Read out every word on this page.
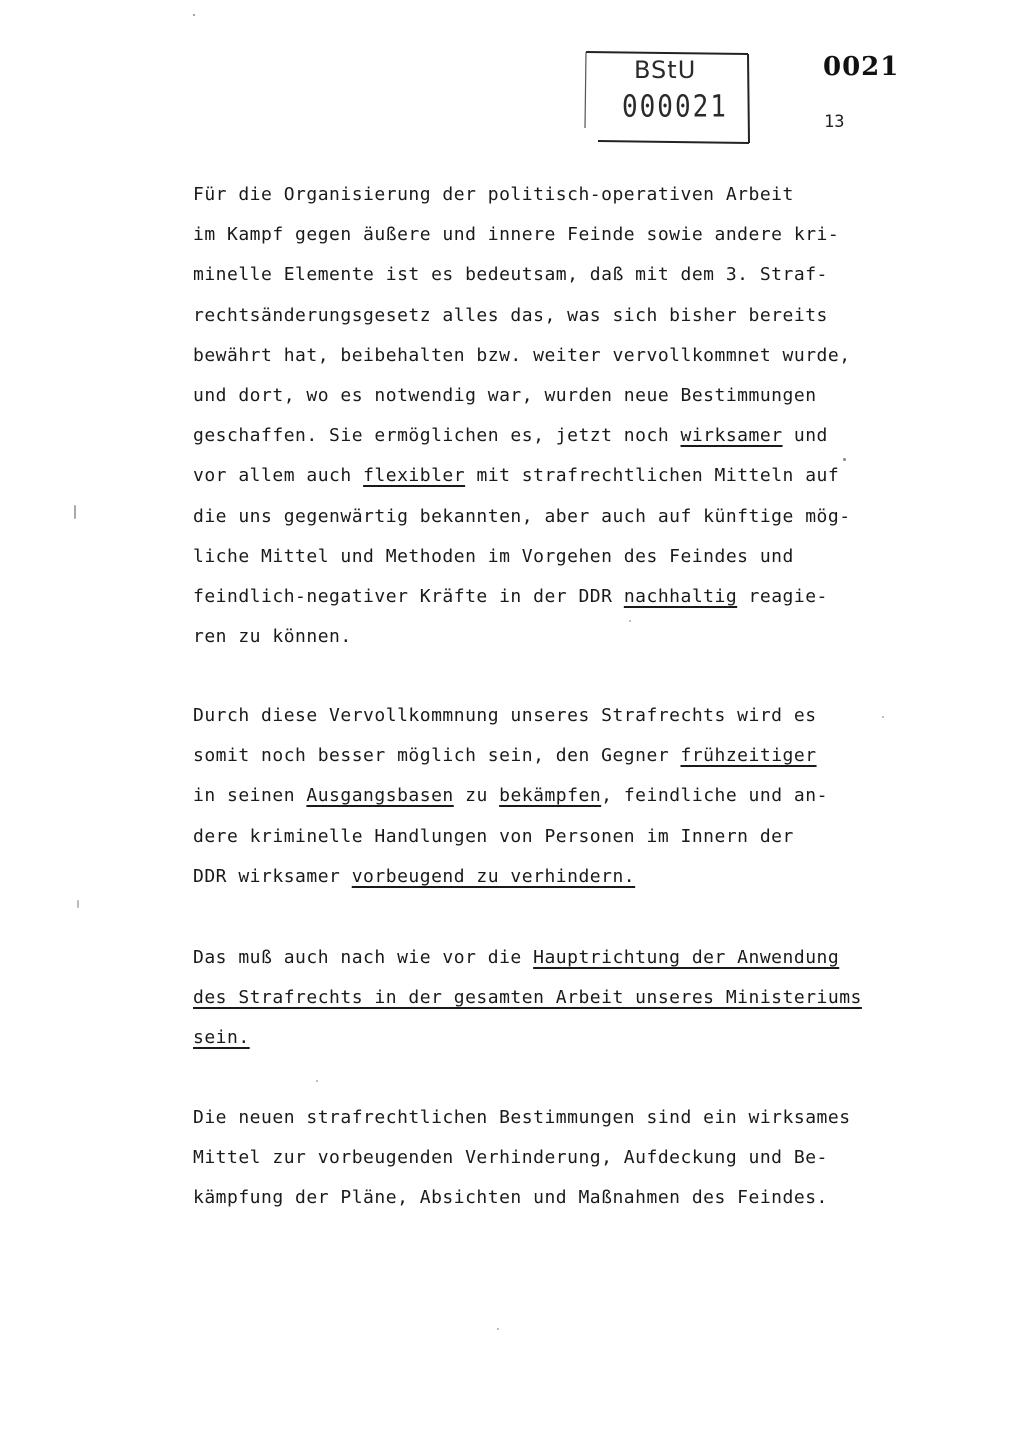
BStU
000021
0021
13
Für die Organisierung der politisch-operativen Arbeit
im Kampf gegen äußere und innere Feinde sowie andere kri-
minelle Elemente ist es bedeutsam, daß mit dem 3. Straf-
rechtsänderungsgesetz alles das, was sich bisher bereits
bewährt hat, beibehalten bzw. weiter vervollkommnet wurde,
und dort, wo es notwendig war, wurden neue Bestimmungen
geschaffen. Sie ermöglichen es, jetzt noch wirksamer und
vor allem auch flexibler mit strafrechtlichen Mitteln auf
die uns gegenwärtig bekannten, aber auch auf künftige mög-
liche Mittel und Methoden im Vorgehen des Feindes und
feindlich-negativer Kräfte in der DDR nachhaltig reagie-
ren zu können.
Durch diese Vervollkommnung unseres Strafrechts wird es
somit noch besser möglich sein, den Gegner frühzeitiger
in seinen Ausgangsbasen zu bekämpfen, feindliche und an-
dere kriminelle Handlungen von Personen im Innern der
DDR wirksamer vorbeugend zu verhindern.
Das muß auch nach wie vor die Hauptrichtung der Anwendung
des Strafrechts in der gesamten Arbeit unseres Ministeriums
sein.
Die neuen strafrechtlichen Bestimmungen sind ein wirksames
Mittel zur vorbeugenden Verhinderung, Aufdeckung und Be-
kämpfung der Pläne, Absichten und Maßnahmen des Feindes.
